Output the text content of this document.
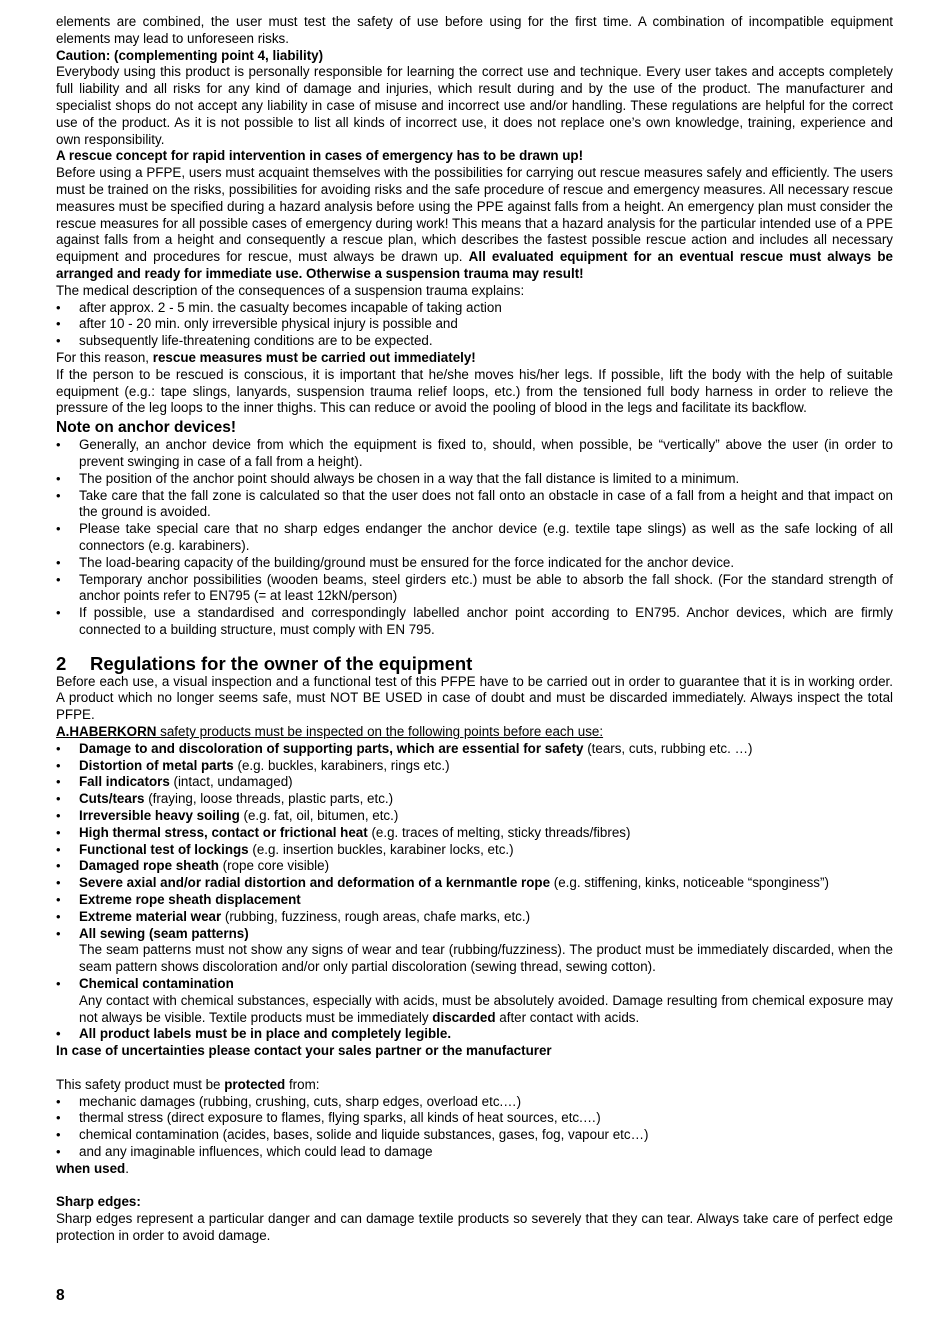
elements are combined, the user must test the safety of use before using for the first time. A combination of incompatible equipment elements may lead to unforeseen risks.

Caution: (complementing point 4, liability)

Everybody using this product is personally responsible for learning the correct use and technique. Every user takes and accepts completely full liability and all risks for any kind of damage and injuries, which result during and by the use of the product. The manufacturer and specialist shops do not accept any liability in case of misuse and incorrect use and/or handling. These regulations are helpful for the correct use of the product. As it is not possible to list all kinds of incorrect use, it does not replace one’s own knowledge, training, experience and own responsibility.

A rescue concept for rapid intervention in cases of emergency has to be drawn up!

Before using a PFPE, users must acquaint themselves with the possibilities for carrying out rescue measures safely and efficiently. The users must be trained on the risks, possibilities for avoiding risks and the safe procedure of rescue and emergency measures. All necessary rescue measures must be specified during a hazard analysis before using the PPE against falls from a height. An emergency plan must consider the rescue measures for all possible cases of emergency during work! This means that a hazard analysis for the particular intended use of a PPE against falls from a height and consequently a rescue plan, which describes the fastest possible rescue action and includes all necessary equipment and procedures for rescue, must always be drawn up. All evaluated equipment for an eventual rescue must always be arranged and ready for immediate use. Otherwise a suspension trauma may result!

The medical description of the consequences of a suspension trauma explains:

• after approx. 2 - 5 min. the casualty becomes incapable of taking action
• after 10 - 20 min. only irreversible physical injury is possible and
• subsequently life-threatening conditions are to be expected.

For this reason, rescue measures must be carried out immediately!

If the person to be rescued is conscious, it is important that he/she moves his/her legs. If possible, lift the body with the help of suitable equipment (e.g.: tape slings, lanyards, suspension trauma relief loops, etc.) from the tensioned full body harness in order to relieve the pressure of the leg loops to the inner thighs. This can reduce or avoid the pooling of blood in the legs and facilitate its backflow.

Note on anchor devices!

• Generally, an anchor device from which the equipment is fixed to, should, when possible, be “vertically” above the user (in order to prevent swinging in case of a fall from a height).
• The position of the anchor point should always be chosen in a way that the fall distance is limited to a minimum.
• Take care that the fall zone is calculated so that the user does not fall onto an obstacle in case of a fall from a height and that impact on the ground is avoided.
• Please take special care that no sharp edges endanger the anchor device (e.g. textile tape slings) as well as the safe locking of all connectors (e.g. karabiners).
• The load-bearing capacity of the building/ground must be ensured for the force indicated for the anchor device.
• Temporary anchor possibilities (wooden beams, steel girders etc.) must be able to absorb the fall shock. (For the standard strength of anchor points refer to EN795 (= at least 12kN/person)
• If possible, use a standardised and correspondingly labelled anchor point according to EN795. Anchor devices, which are firmly connected to a building structure, must comply with EN 795.
2	Regulations for the owner of the equipment

Before each use, a visual inspection and a functional test of this PFPE have to be carried out in order to guarantee that it is in working order. A product which no longer seems safe, must NOT BE USED in case of doubt and must be discarded immediately. Always inspect the total PFPE.

A.HABERKORN safety products must be inspected on the following points before each use:

• Damage to and discoloration of supporting parts, which are essential for safety (tears, cuts, rubbing etc. …)
• Distortion of metal parts (e.g. buckles, karabiners, rings etc.)
• Fall indicators (intact, undamaged)
• Cuts/tears (fraying, loose threads, plastic parts, etc.)
• Irreversible heavy soiling (e.g. fat, oil, bitumen, etc.)
• High thermal stress, contact or frictional heat (e.g. traces of melting, sticky threads/fibres)
• Functional test of lockings (e.g. insertion buckles, karabiner locks, etc.)
• Damaged rope sheath (rope core visible)
• Severe axial and/or radial distortion and deformation of a kernmantle rope (e.g. stiffening, kinks, noticeable “sponginess”)
• Extreme rope sheath displacement
• Extreme material wear (rubbing, fuzziness, rough areas, chafe marks, etc.)
• All sewing (seam patterns)
The seam patterns must not show any signs of wear and tear (rubbing/fuzziness). The product must be immediately discarded, when the seam pattern shows discoloration and/or only partial discoloration (sewing thread, sewing cotton).
• Chemical contamination
Any contact with chemical substances, especially with acids, must be absolutely avoided. Damage resulting from chemical exposure may not always be visible. Textile products must be immediately discarded after contact with acids.
• All product labels must be in place and completely legible.

In case of uncertainties please contact your sales partner or the manufacturer

This safety product must be protected from:

• mechanic damages (rubbing, crushing, cuts, sharp edges, overload etc.…)
• thermal stress (direct exposure to flames, flying sparks, all kinds of heat sources, etc.…)
• chemical contamination (acides, bases, solide and liquide substances, gases, fog, vapour etc…)
• and any imaginable influences, which could lead to damage

when used.

Sharp edges:

Sharp edges represent a particular danger and can damage textile products so severely that they can tear. Always take care of perfect edge protection in order to avoid damage.

8
